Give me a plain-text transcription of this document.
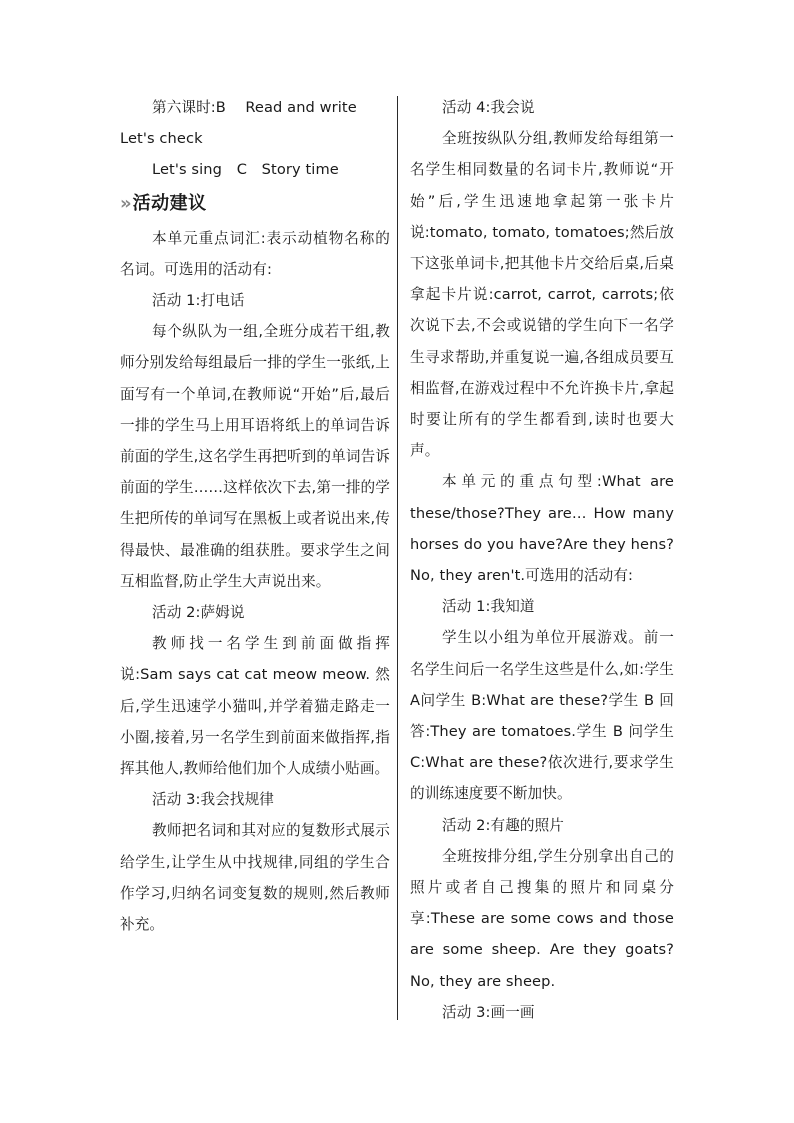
第六课时:B　 Read and write

Let's check

Let's sing　C　Story time

» 活动建议

本单元重点词汇:表示动植物名称的名词。可选用的活动有:

活动 1:打电话

每个纵队为一组,全班分成若干组,教师分别发给每组最后一排的学生一张纸,上面写有一个单词,在教师说“开始”后,最后一排的学生马上用耳语将纸上的单词告诉前面的学生,这名学生再把听到的单词告诉前面的学生……这样依次下去,第一排的学生把所传的单词写在黑板上或者说出来,传得最快、最准确的组获胜。要求学生之间互相监督,防止学生大声说出来。

活动 2:萨姆说

教师找一名学生到前面做指挥说:Sam says cat cat meow meow. 然后,学生迅速学小猫叫,并学着猫走路走一小圈,接着,另一名学生到前面来做指挥,指挥其他人,教师给他们加个人成绩小贴画。

活动 3:我会找规律

教师把名词和其对应的复数形式展示给学生,让学生从中找规律,同组的学生合作学习,归纳名词变复数的规则,然后教师补充。

活动 4:我会说

全班按纵队分组,教师发给每组第一名学生相同数量的名词卡片,教师说“开始”后,学生迅速地拿起第一张卡片说:tomato, tomato, tomatoes;然后放下这张单词卡,把其他卡片交给后桌,后桌拿起卡片说:carrot, carrot, carrots;依次说下去,不会或说错的学生向下一名学生寻求帮助,并重复说一遍,各组成员要互相监督,在游戏过程中不允许换卡片,拿起时要让所有的学生都看到,读时也要大声。

本单元的重点句型:What are these/those?They are… How many horses do you have?Are they hens? No, they aren't.可选用的活动有:

活动 1:我知道

学生以小组为单位开展游戏。前一名学生问后一名学生这些是什么,如:学生 A问学生 B:What are these?学生 B 回答:They are tomatoes.学生 B 问学生 C:What are these?依次进行,要求学生的训练速度要不断加快。

活动 2:有趣的照片

全班按排分组,学生分别拿出自己的照片或者自己搜集的照片和同桌分享:These are some cows and those are some sheep. Are they goats? No, they are sheep.

活动 3:画一画
